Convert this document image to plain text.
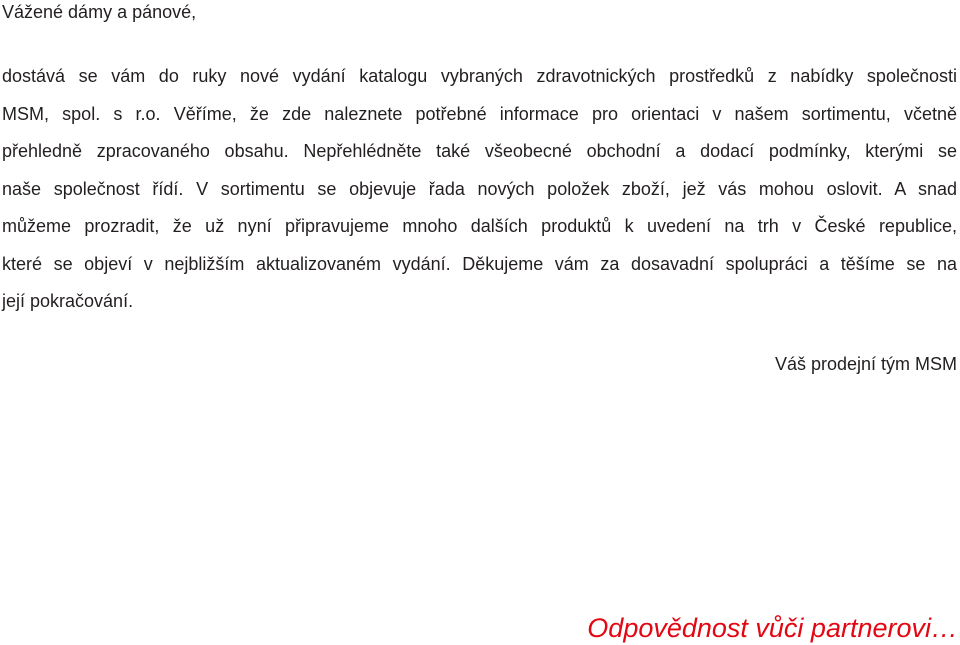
Vážené dámy a pánové,

dostává se vám do ruky nové vydání katalogu vybraných zdravotnických prostředků z nabídky společnosti
MSM, spol. s r.o. Věříme, že zde naleznete potřebné informace pro orientaci v našem sortimentu, včetně
přehledně zpracovaného obsahu. Nepřehlédněte také všeobecné obchodní a dodací podmínky, kterými se
naše společnost řídí. V sortimentu se objevuje řada nových položek zboží, jež vás mohou oslovit. A snad
můžeme prozradit, že už nyní připravujeme mnoho dalších produktů k uvedení na trh v České republice,
které se objeví v nejbližším aktualizovaném vydání. Děkujeme vám za dosavadní spolupráci a těšíme se na
její pokračování.

Váš prodejní tým MSM

Odpovědnost vůči partnerovi…
